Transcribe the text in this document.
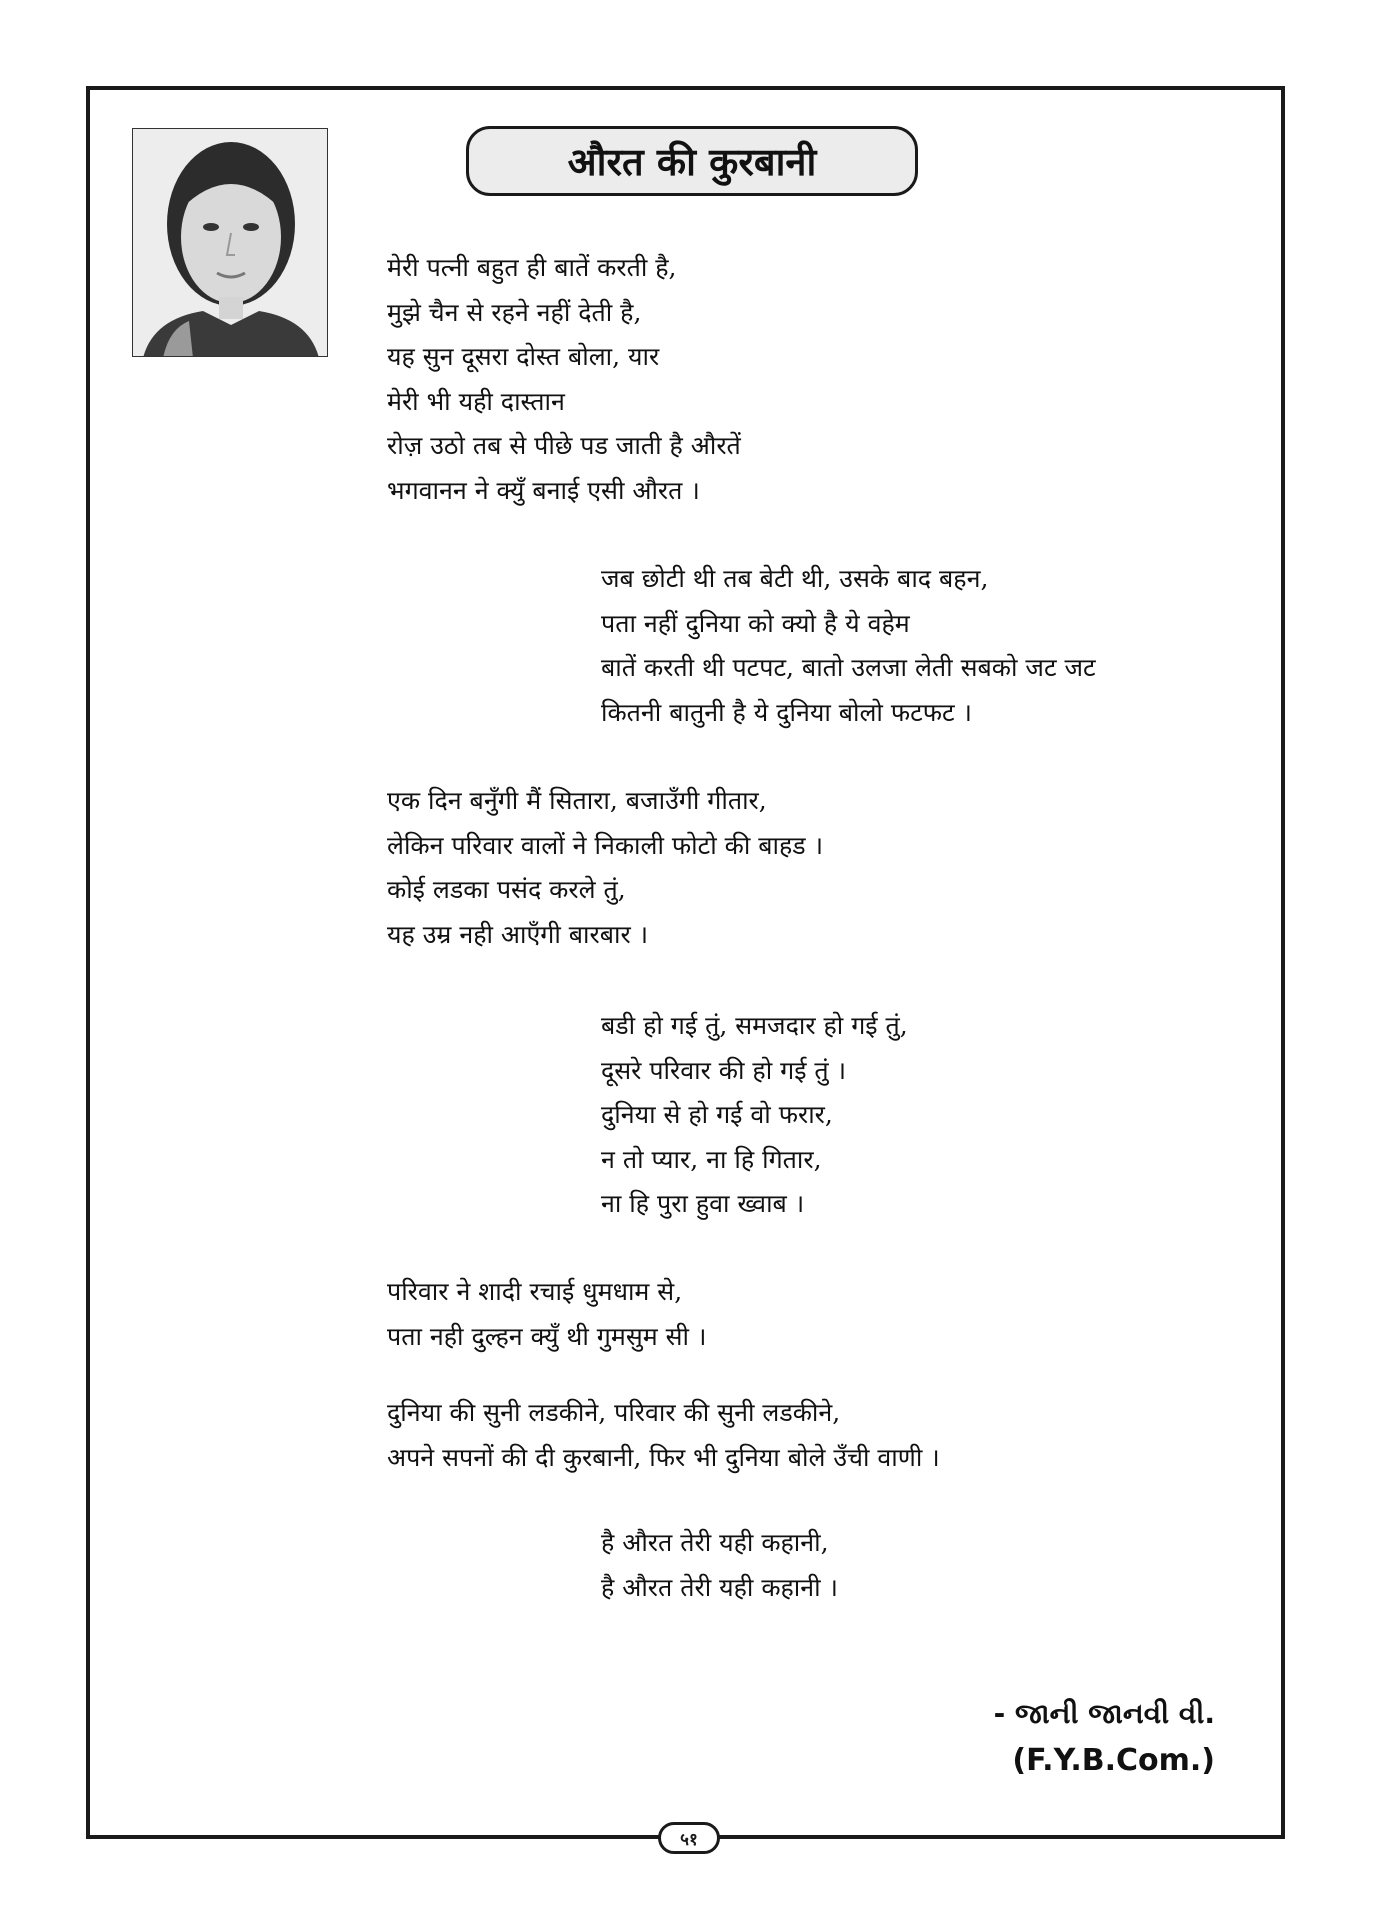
औरत की कुरबानी
मेरी पत्नी बहुत ही बातें करती है,
मुझे चैन से रहने नहीं देती है,
यह सुन दूसरा दोस्त बोला, यार
मेरी भी यही दास्तान
रोज़ उठो तब से पीछे पड जाती है औरतें
भगवानन ने क्युँ बनाई एसी औरत ।
जब छोटी थी तब बेटी थी, उसके बाद बहन,
पता नहीं दुनिया को क्यो है ये वहेम
बातें करती थी पटपट, बातो उलजा लेती सबको जट जट
कितनी बातुनी है ये दुनिया बोलो फटफट ।
एक दिन बनुँगी मैं सितारा, बजाउँगी गीतार,
लेकिन परिवार वालों ने निकाली फोटो की बाहड ।
कोई लडका पसंद करले तुं,
यह उम्र नही आएँगी बारबार ।
बडी हो गई तुं, समजदार हो गई तुं,
दूसरे परिवार की हो गई तुं ।
दुनिया से हो गई वो फरार,
न तो प्यार, ना हि गितार,
ना हि पुरा हुवा ख्वाब ।
परिवार ने शादी रचाई धुमधाम से,
पता नही दुल्हन क्युँ थी गुमसुम सी ।
दुनिया की सुनी लडकीने, परिवार की सुनी लडकीने,
अपने सपनों की दी कुरबानी, फिर भी दुनिया बोले उँची वाणी ।
है औरत तेरी यही कहानी,
है औरत तेरी यही कहानी ।
- જાની જાનવી વી.
(F.Y.B.Com.)
५१
